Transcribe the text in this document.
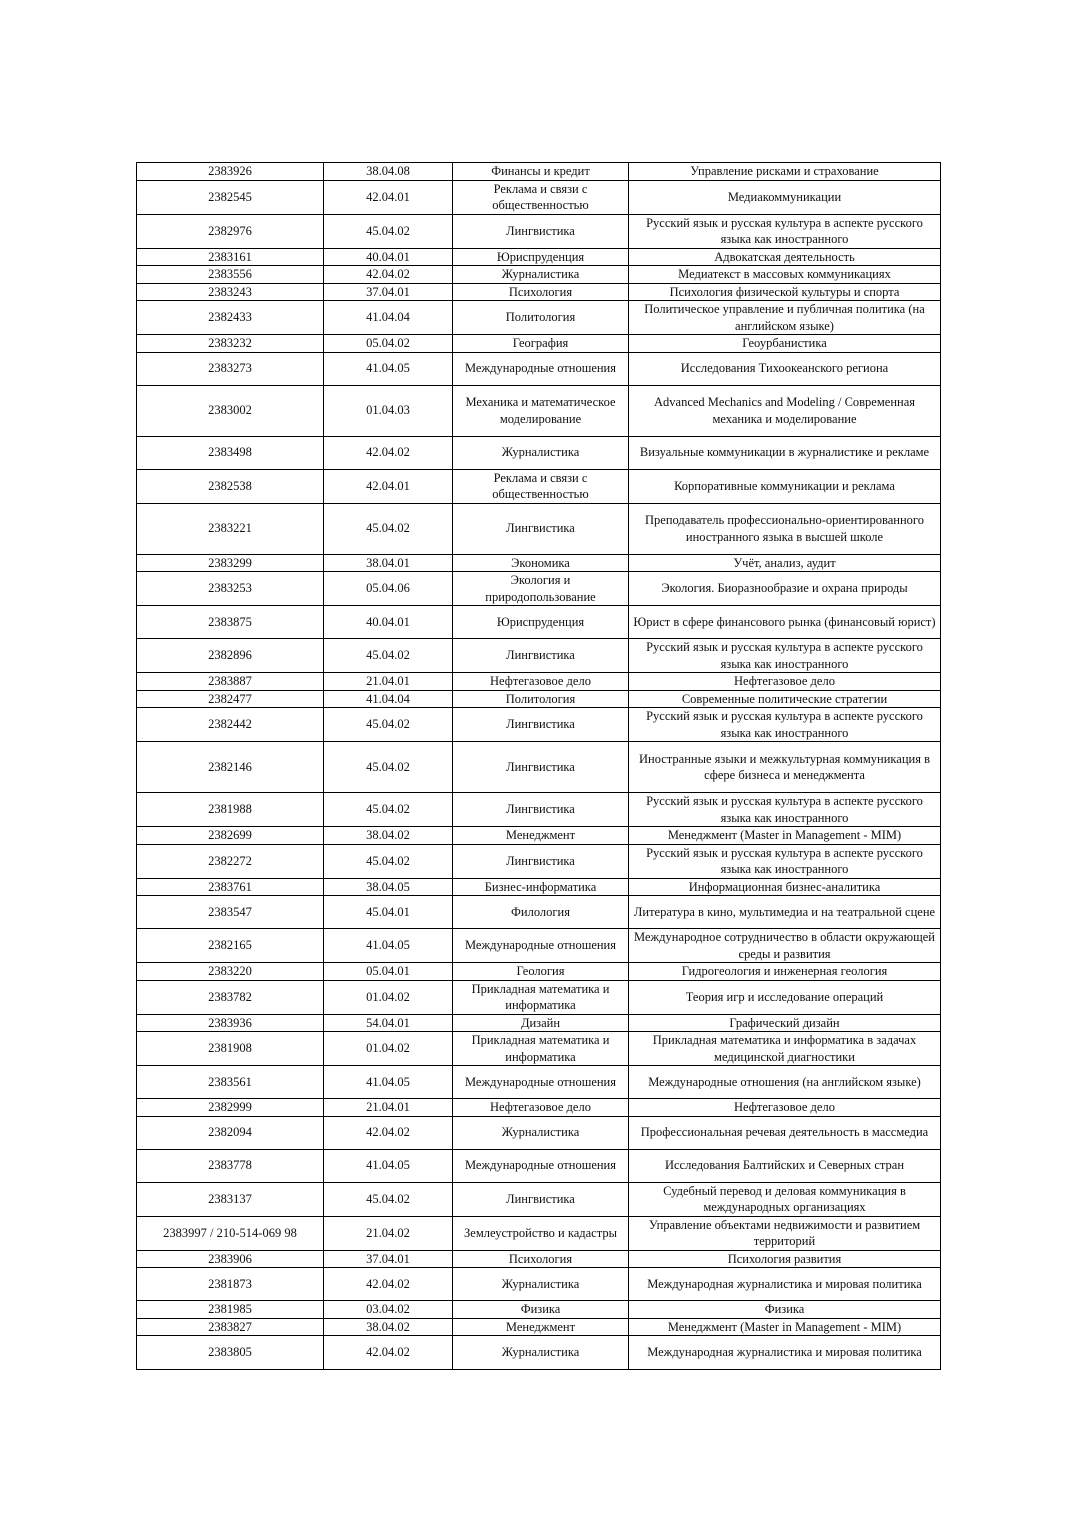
2383926	38.04.08	Финансы и кредит	Управление рисками и страхование
2382545	42.04.01	Реклама и связи с общественностью	Медиакоммуникации
2382976	45.04.02	Лингвистика	Русский язык и русская культура в аспекте русского языка как иностранного
2383161	40.04.01	Юриспруденция	Адвокатская деятельность
2383556	42.04.02	Журналистика	Медиатекст в массовых коммуникациях
2383243	37.04.01	Психология	Психология физической культуры и спорта
2382433	41.04.04	Политология	Политическое управление и публичная политика (на английском языке)
2383232	05.04.02	География	Геоурбанистика
2383273	41.04.05	Международные отношения	Исследования Тихоокеанского региона
2383002	01.04.03	Механика и математическое моделирование	Advanced Mechanics and Modeling / Современная механика и моделирование
2383498	42.04.02	Журналистика	Визуальные коммуникации в журналистике и рекламе
2382538	42.04.01	Реклама и связи с общественностью	Корпоративные коммуникации и реклама
2383221	45.04.02	Лингвистика	Преподаватель профессионально-ориентированного иностранного языка в высшей школе
2383299	38.04.01	Экономика	Учёт, анализ, аудит
2383253	05.04.06	Экология и природопользование	Экология. Биоразнообразие и охрана природы
2383875	40.04.01	Юриспруденция	Юрист в сфере финансового рынка (финансовый юрист)
2382896	45.04.02	Лингвистика	Русский язык и русская культура в аспекте русского языка как иностранного
2383887	21.04.01	Нефтегазовое дело	Нефтегазовое дело
2382477	41.04.04	Политология	Современные политические стратегии
2382442	45.04.02	Лингвистика	Русский язык и русская культура в аспекте русского языка как иностранного
2382146	45.04.02	Лингвистика	Иностранные языки и межкультурная коммуникация в сфере бизнеса и менеджмента
2381988	45.04.02	Лингвистика	Русский язык и русская культура в аспекте русского языка как иностранного
2382699	38.04.02	Менеджмент	Менеджмент (Master in Management - MIM)
2382272	45.04.02	Лингвистика	Русский язык и русская культура в аспекте русского языка как иностранного
2383761	38.04.05	Бизнес-информатика	Информационная бизнес-аналитика
2383547	45.04.01	Филология	Литература в кино, мультимедиа и на театральной сцене
2382165	41.04.05	Международные отношения	Международное сотрудничество в области окружающей среды и развития
2383220	05.04.01	Геология	Гидрогеология и инженерная геология
2383782	01.04.02	Прикладная математика и информатика	Теория игр и исследование операций
2383936	54.04.01	Дизайн	Графический дизайн
2381908	01.04.02	Прикладная математика и информатика	Прикладная математика и информатика в задачах медицинской диагностики
2383561	41.04.05	Международные отношения	Международные отношения (на английском языке)
2382999	21.04.01	Нефтегазовое дело	Нефтегазовое дело
2382094	42.04.02	Журналистика	Профессиональная речевая деятельность в массмедиа
2383778	41.04.05	Международные отношения	Исследования Балтийских и Северных стран
2383137	45.04.02	Лингвистика	Судебный перевод и деловая коммуникация в международных организациях
2383997 / 210-514-069 98	21.04.02	Землеустройство и кадастры	Управление объектами недвижимости и развитием территорий
2383906	37.04.01	Психология	Психология развития
2381873	42.04.02	Журналистика	Международная журналистика и мировая политика
2381985	03.04.02	Физика	Физика
2383827	38.04.02	Менеджмент	Менеджмент (Master in Management - MIM)
2383805	42.04.02	Журналистика	Международная журналистика и мировая политика
